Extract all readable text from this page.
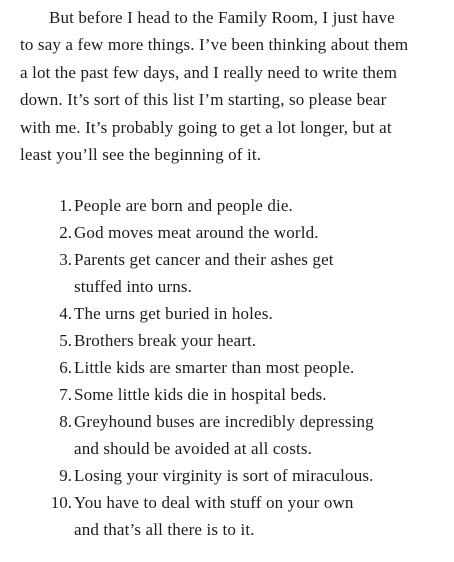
But before I head to the Family Room, I just have
to say a few more things. I’ve been thinking about them
a lot the past few days, and I really need to write them
down. It’s sort of this list I’m starting, so please bear
with me. It’s probably going to get a lot longer, but at
least you’ll see the beginning of it.
1. People are born and people die.
2. God moves meat around the world.
3. Parents get cancer and their ashes get
stuffed into urns.
4. The urns get buried in holes.
5. Brothers break your heart.
6. Little kids are smarter than most people.
7. Some little kids die in hospital beds.
8. Greyhound buses are incredibly depressing
and should be avoided at all costs.
9. Losing your virginity is sort of miraculous.
10. You have to deal with stuff on your own
and that’s all there is to it.
